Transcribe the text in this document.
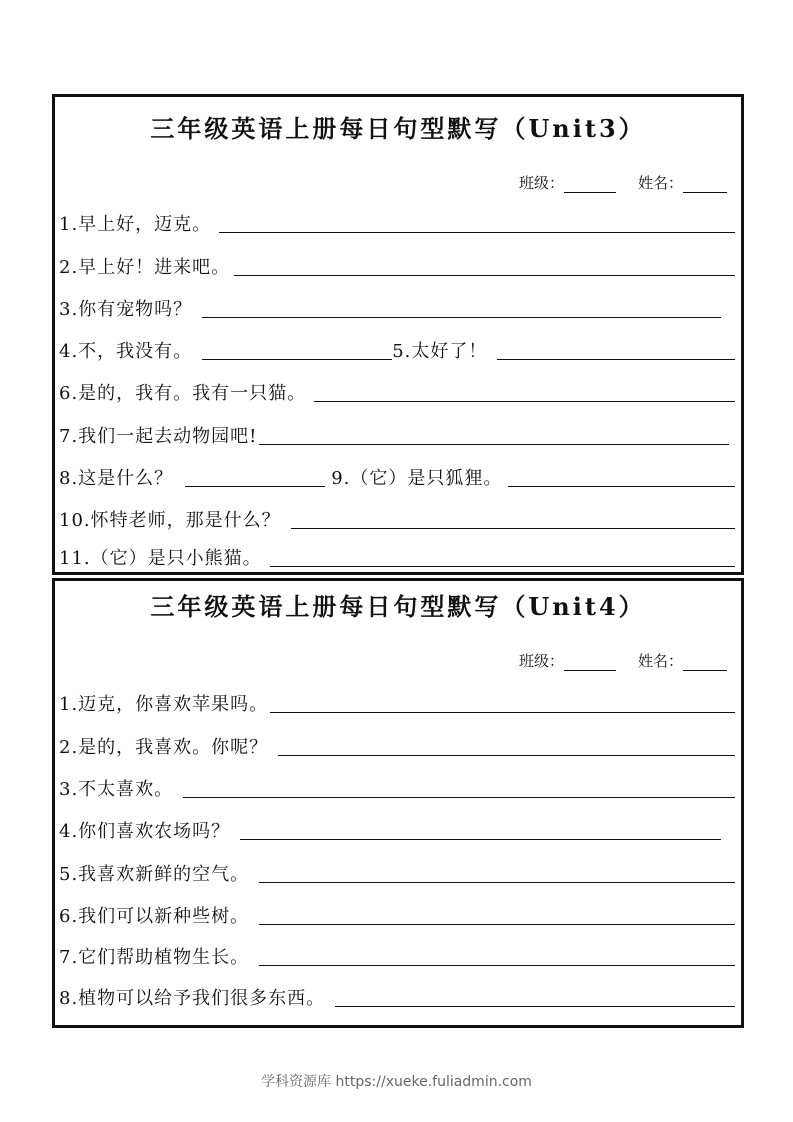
三年级英语上册每日句型默写（Unit3）
班级：	姓名：
1.早上好，迈克。
2.早上好！进来吧。
3.你有宠物吗？
4.不，我没有。	5.太好了！
6.是的，我有。我有一只猫。
7.我们一起去动物园吧!
8.这是什么？	9.（它）是只狐狸。
10.怀特老师，那是什么？
11.（它）是只小熊猫。
三年级英语上册每日句型默写（Unit4）
班级：	姓名：
1.迈克，你喜欢苹果吗。
2.是的，我喜欢。你呢？
3.不太喜欢。
4.你们喜欢农场吗？
5.我喜欢新鲜的空气。
6.我们可以新种些树。
7.它们帮助植物生长。
8.植物可以给予我们很多东西。
学科资源库 https://xueke.fuliadmin.com
